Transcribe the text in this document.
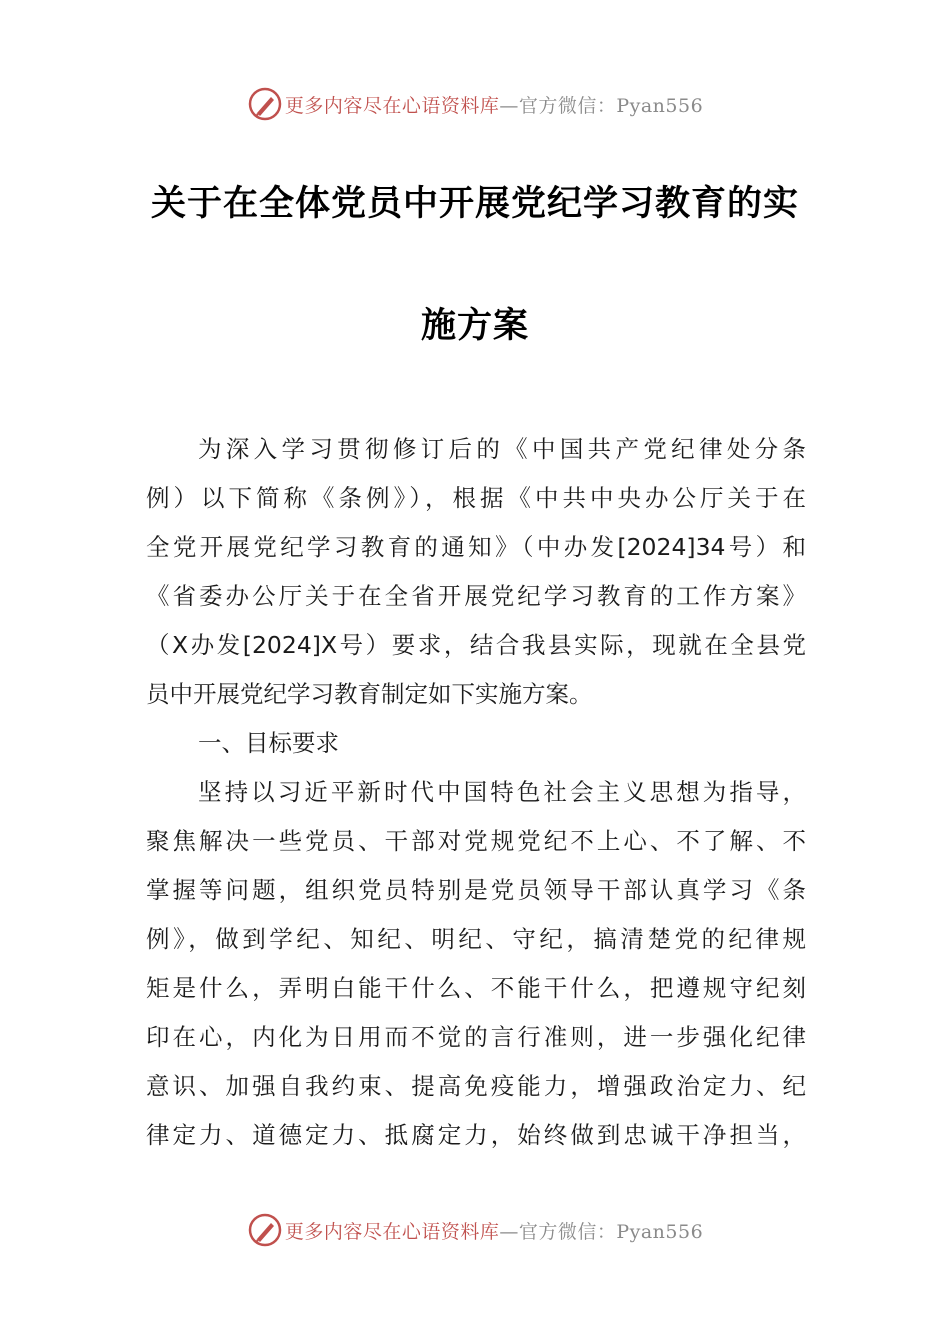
更多内容尽在心语资料库—官方微信：Pyan556
关于在全体党员中开展党纪学习教育的实
施方案
为深入学习贯彻修订后的《中国共产党纪律处分条
例）以下简称《条例》），根据《中共中央办公厅关于在
全党开展党纪学习教育的通知》（中办发[2024]34号）和
《省委办公厅关于在全省开展党纪学习教育的工作方案》
（X办发[2024]X号）要求，结合我县实际，现就在全县党
员中开展党纪学习教育制定如下实施方案。
一、目标要求
坚持以习近平新时代中国特色社会主义思想为指导，
聚焦解决一些党员、干部对党规党纪不上心、不了解、不
掌握等问题，组织党员特别是党员领导干部认真学习《条
例》，做到学纪、知纪、明纪、守纪，搞清楚党的纪律规
矩是什么，弄明白能干什么、不能干什么，把遵规守纪刻
印在心，内化为日用而不觉的言行准则，进一步强化纪律
意识、加强自我约束、提高免疫能力，增强政治定力、纪
律定力、道德定力、抵腐定力，始终做到忠诚干净担当，
更多内容尽在心语资料库—官方微信：Pyan556
